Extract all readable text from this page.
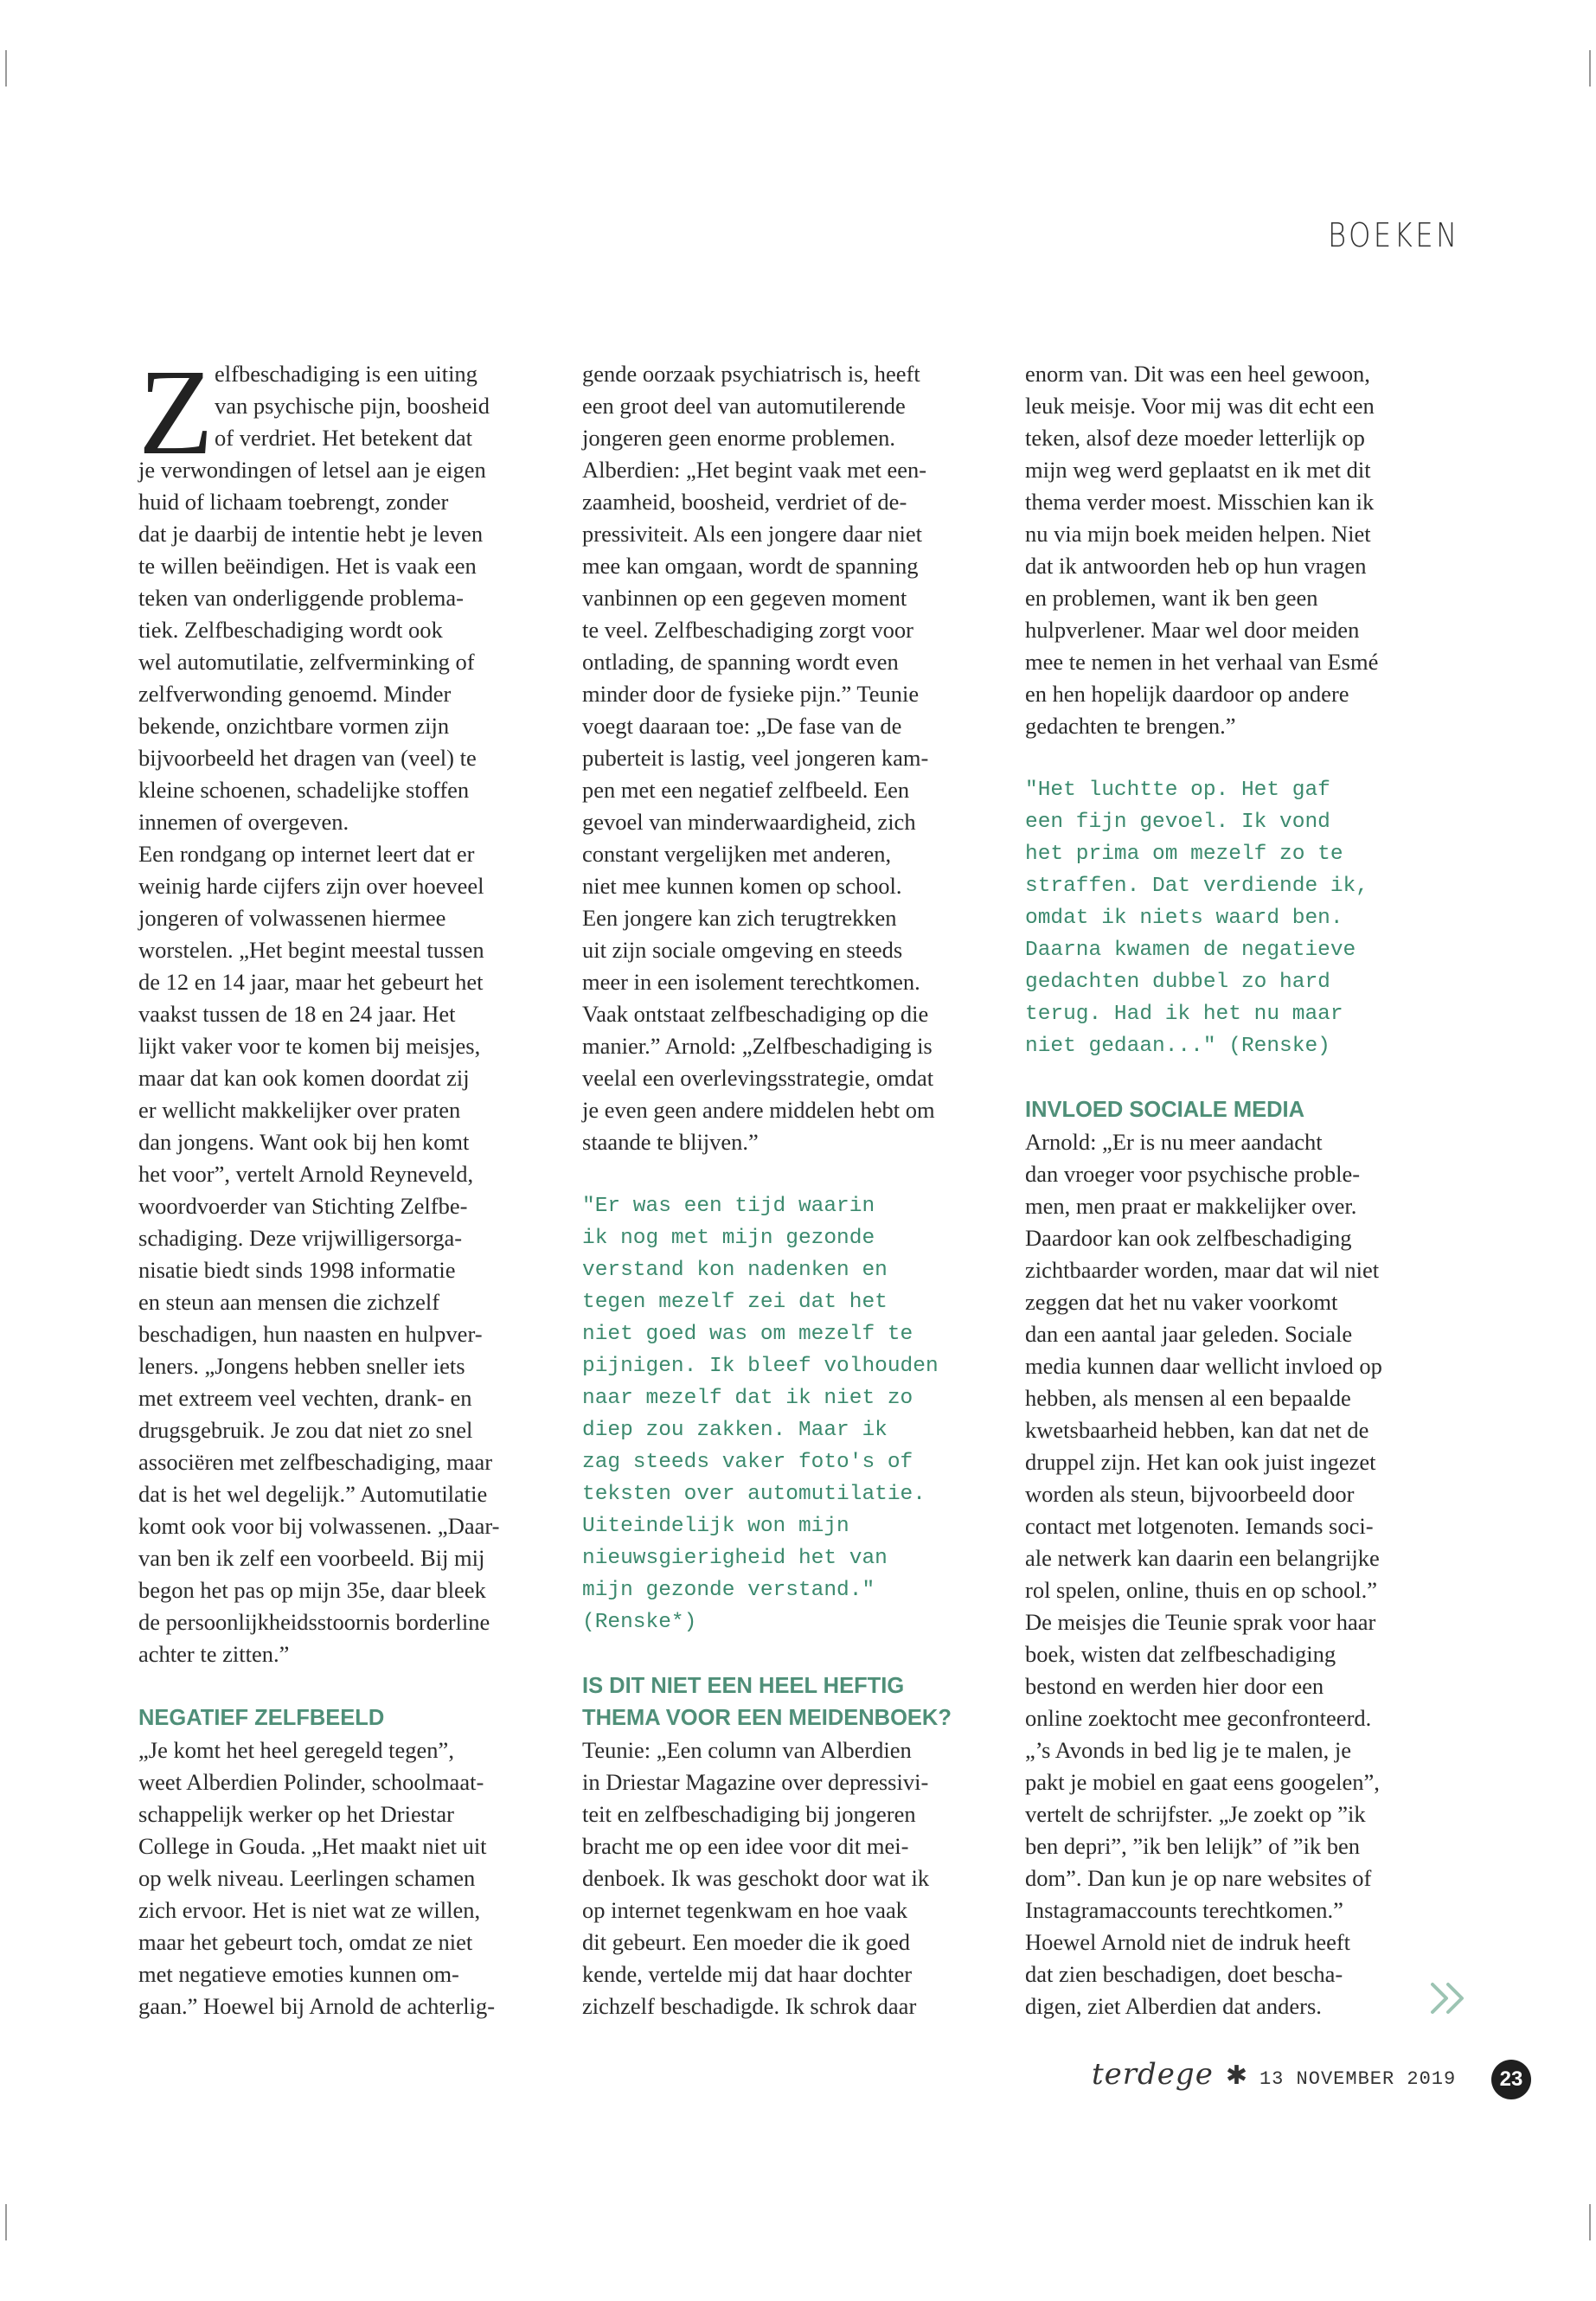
BOEKEN
Z elfbeschadiging is een uiting
van psychische pijn, boosheid
of verdriet. Het betekent dat
je verwondingen of letsel aan je eigen
huid of lichaam toebrengt, zonder
dat je daarbij de intentie hebt je leven
te willen beëindigen. Het is vaak een
teken van onderliggende problema-
tiek. Zelfbeschadiging wordt ook
wel automutilatie, zelfverminking of
zelfverwonding genoemd. Minder
bekende, onzichtbare vormen zijn
bijvoorbeeld het dragen van (veel) te
kleine schoenen, schadelijke stoffen
innemen of overgeven.
Een rondgang op internet leert dat er
weinig harde cijfers zijn over hoeveel
jongeren of volwassenen hiermee
worstelen. „Het begint meestal tussen
de 12 en 14 jaar, maar het gebeurt het
vaakst tussen de 18 en 24 jaar. Het
lijkt vaker voor te komen bij meisjes,
maar dat kan ook komen doordat zij
er wellicht makkelijker over praten
dan jongens. Want ook bij hen komt
het voor”, vertelt Arnold Reyneveld,
woordvoerder van Stichting Zelfbe-
schadiging. Deze vrijwilligersorga-
nisatie biedt sinds 1998 informatie
en steun aan mensen die zichzelf
beschadigen, hun naasten en hulpver-
leners. „Jongens hebben sneller iets
met extreem veel vechten, drank- en
drugsgebruik. Je zou dat niet zo snel
associëren met zelfbeschadiging, maar
dat is het wel degelijk.” Automutilatie
komt ook voor bij volwassenen. „Daar-
van ben ik zelf een voorbeeld. Bij mij
begon het pas op mijn 35e, daar bleek
de persoonlijkheidsstoornis borderline
achter te zitten.”

NEGATIEF ZELFBEELD

„Je komt het heel geregeld tegen”,
weet Alberdien Polinder, schoolmaat-
schappelijk werker op het Driestar
College in Gouda. „Het maakt niet uit
op welk niveau. Leerlingen schamen
zich ervoor. Het is niet wat ze willen,
maar het gebeurt toch, omdat ze niet
met negatieve emoties kunnen om-
gaan.” Hoewel bij Arnold de achterlig-

gende oorzaak psychiatrisch is, heeft
een groot deel van automutilerende
jongeren geen enorme problemen.
Alberdien: „Het begint vaak met een-
zaamheid, boosheid, verdriet of de-
pressiviteit. Als een jongere daar niet
mee kan omgaan, wordt de spanning
vanbinnen op een gegeven moment
te veel. Zelfbeschadiging zorgt voor
ontlading, de spanning wordt even
minder door de fysieke pijn.” Teunie
voegt daaraan toe: „De fase van de
puberteit is lastig, veel jongeren kam-
pen met een negatief zelfbeeld. Een
gevoel van minderwaardigheid, zich
constant vergelijken met anderen,
niet mee kunnen komen op school.
Een jongere kan zich terugtrekken
uit zijn sociale omgeving en steeds
meer in een isolement terechtkomen.
Vaak ontstaat zelfbeschadiging op die
manier.” Arnold: „Zelfbeschadiging is
veelal een overlevingsstrategie, omdat
je even geen andere middelen hebt om
staande te blijven.”

"Er was een tijd waarin
ik nog met mijn gezonde
verstand kon nadenken en
tegen mezelf zei dat het
niet goed was om mezelf te
pijnigen. Ik bleef volhouden
naar mezelf dat ik niet zo
diep zou zakken. Maar ik
zag steeds vaker foto's of
teksten over automutilatie.
Uiteindelijk won mijn
nieuwsgierigheid het van
mijn gezonde verstand."
(Renske*)
IS DIT NIET EEN HEEL HEFTIG
THEMA VOOR EEN MEIDENBOEK?

Teunie: „Een column van Alberdien
in Driestar Magazine over depressivi-
teit en zelfbeschadiging bij jongeren
bracht me op een idee voor dit mei-
denboek. Ik was geschokt door wat ik
op internet tegenkwam en hoe vaak
dit gebeurt. Een moeder die ik goed
kende, vertelde mij dat haar dochter
zichzelf beschadigde. Ik schrok daar

enorm van. Dit was een heel gewoon,
leuk meisje. Voor mij was dit echt een
teken, alsof deze moeder letterlijk op
mijn weg werd geplaatst en ik met dit
thema verder moest. Misschien kan ik
nu via mijn boek meiden helpen. Niet
dat ik antwoorden heb op hun vragen
en problemen, want ik ben geen
hulpverlener. Maar wel door meiden
mee te nemen in het verhaal van Esmé
en hen hopelijk daardoor op andere
gedachten te brengen.”

"Het luchtte op. Het gaf
een fijn gevoel. Ik vond
het prima om mezelf zo te
straffen. Dat verdiende ik,
omdat ik niets waard ben.
Daarna kwamen de negatieve
gedachten dubbel zo hard
terug. Had ik het nu maar
niet gedaan..." (Renske)
INVLOED SOCIALE MEDIA

Arnold: „Er is nu meer aandacht
dan vroeger voor psychische proble-
men, men praat er makkelijker over.
Daardoor kan ook zelfbeschadiging
zichtbaarder worden, maar dat wil niet
zeggen dat het nu vaker voorkomt
dan een aantal jaar geleden. Sociale
media kunnen daar wellicht invloed op
hebben, als mensen al een bepaalde
kwetsbaarheid hebben, kan dat net de
druppel zijn. Het kan ook juist ingezet
worden als steun, bijvoorbeeld door
contact met lotgenoten. Iemands soci-
ale netwerk kan daarin een belangrijke
rol spelen, online, thuis en op school.”
De meisjes die Teunie sprak voor haar
boek, wisten dat zelfbeschadiging
bestond en werden hier door een
online zoektocht mee geconfronteerd.
„’s Avonds in bed lig je te malen, je
pakt je mobiel en gaat eens googelen”,
vertelt de schrijfster. „Je zoekt op ”ik
ben depri”, ”ik ben lelijk” of ”ik ben
dom”. Dan kun je op nare websites of
Instagramaccounts terechtkomen.”
Hoewel Arnold niet de indruk heeft
dat zien beschadigen, doet bescha-
digen, ziet Alberdien dat anders.

terdege ✱ 13 NOVEMBER 2019	23
